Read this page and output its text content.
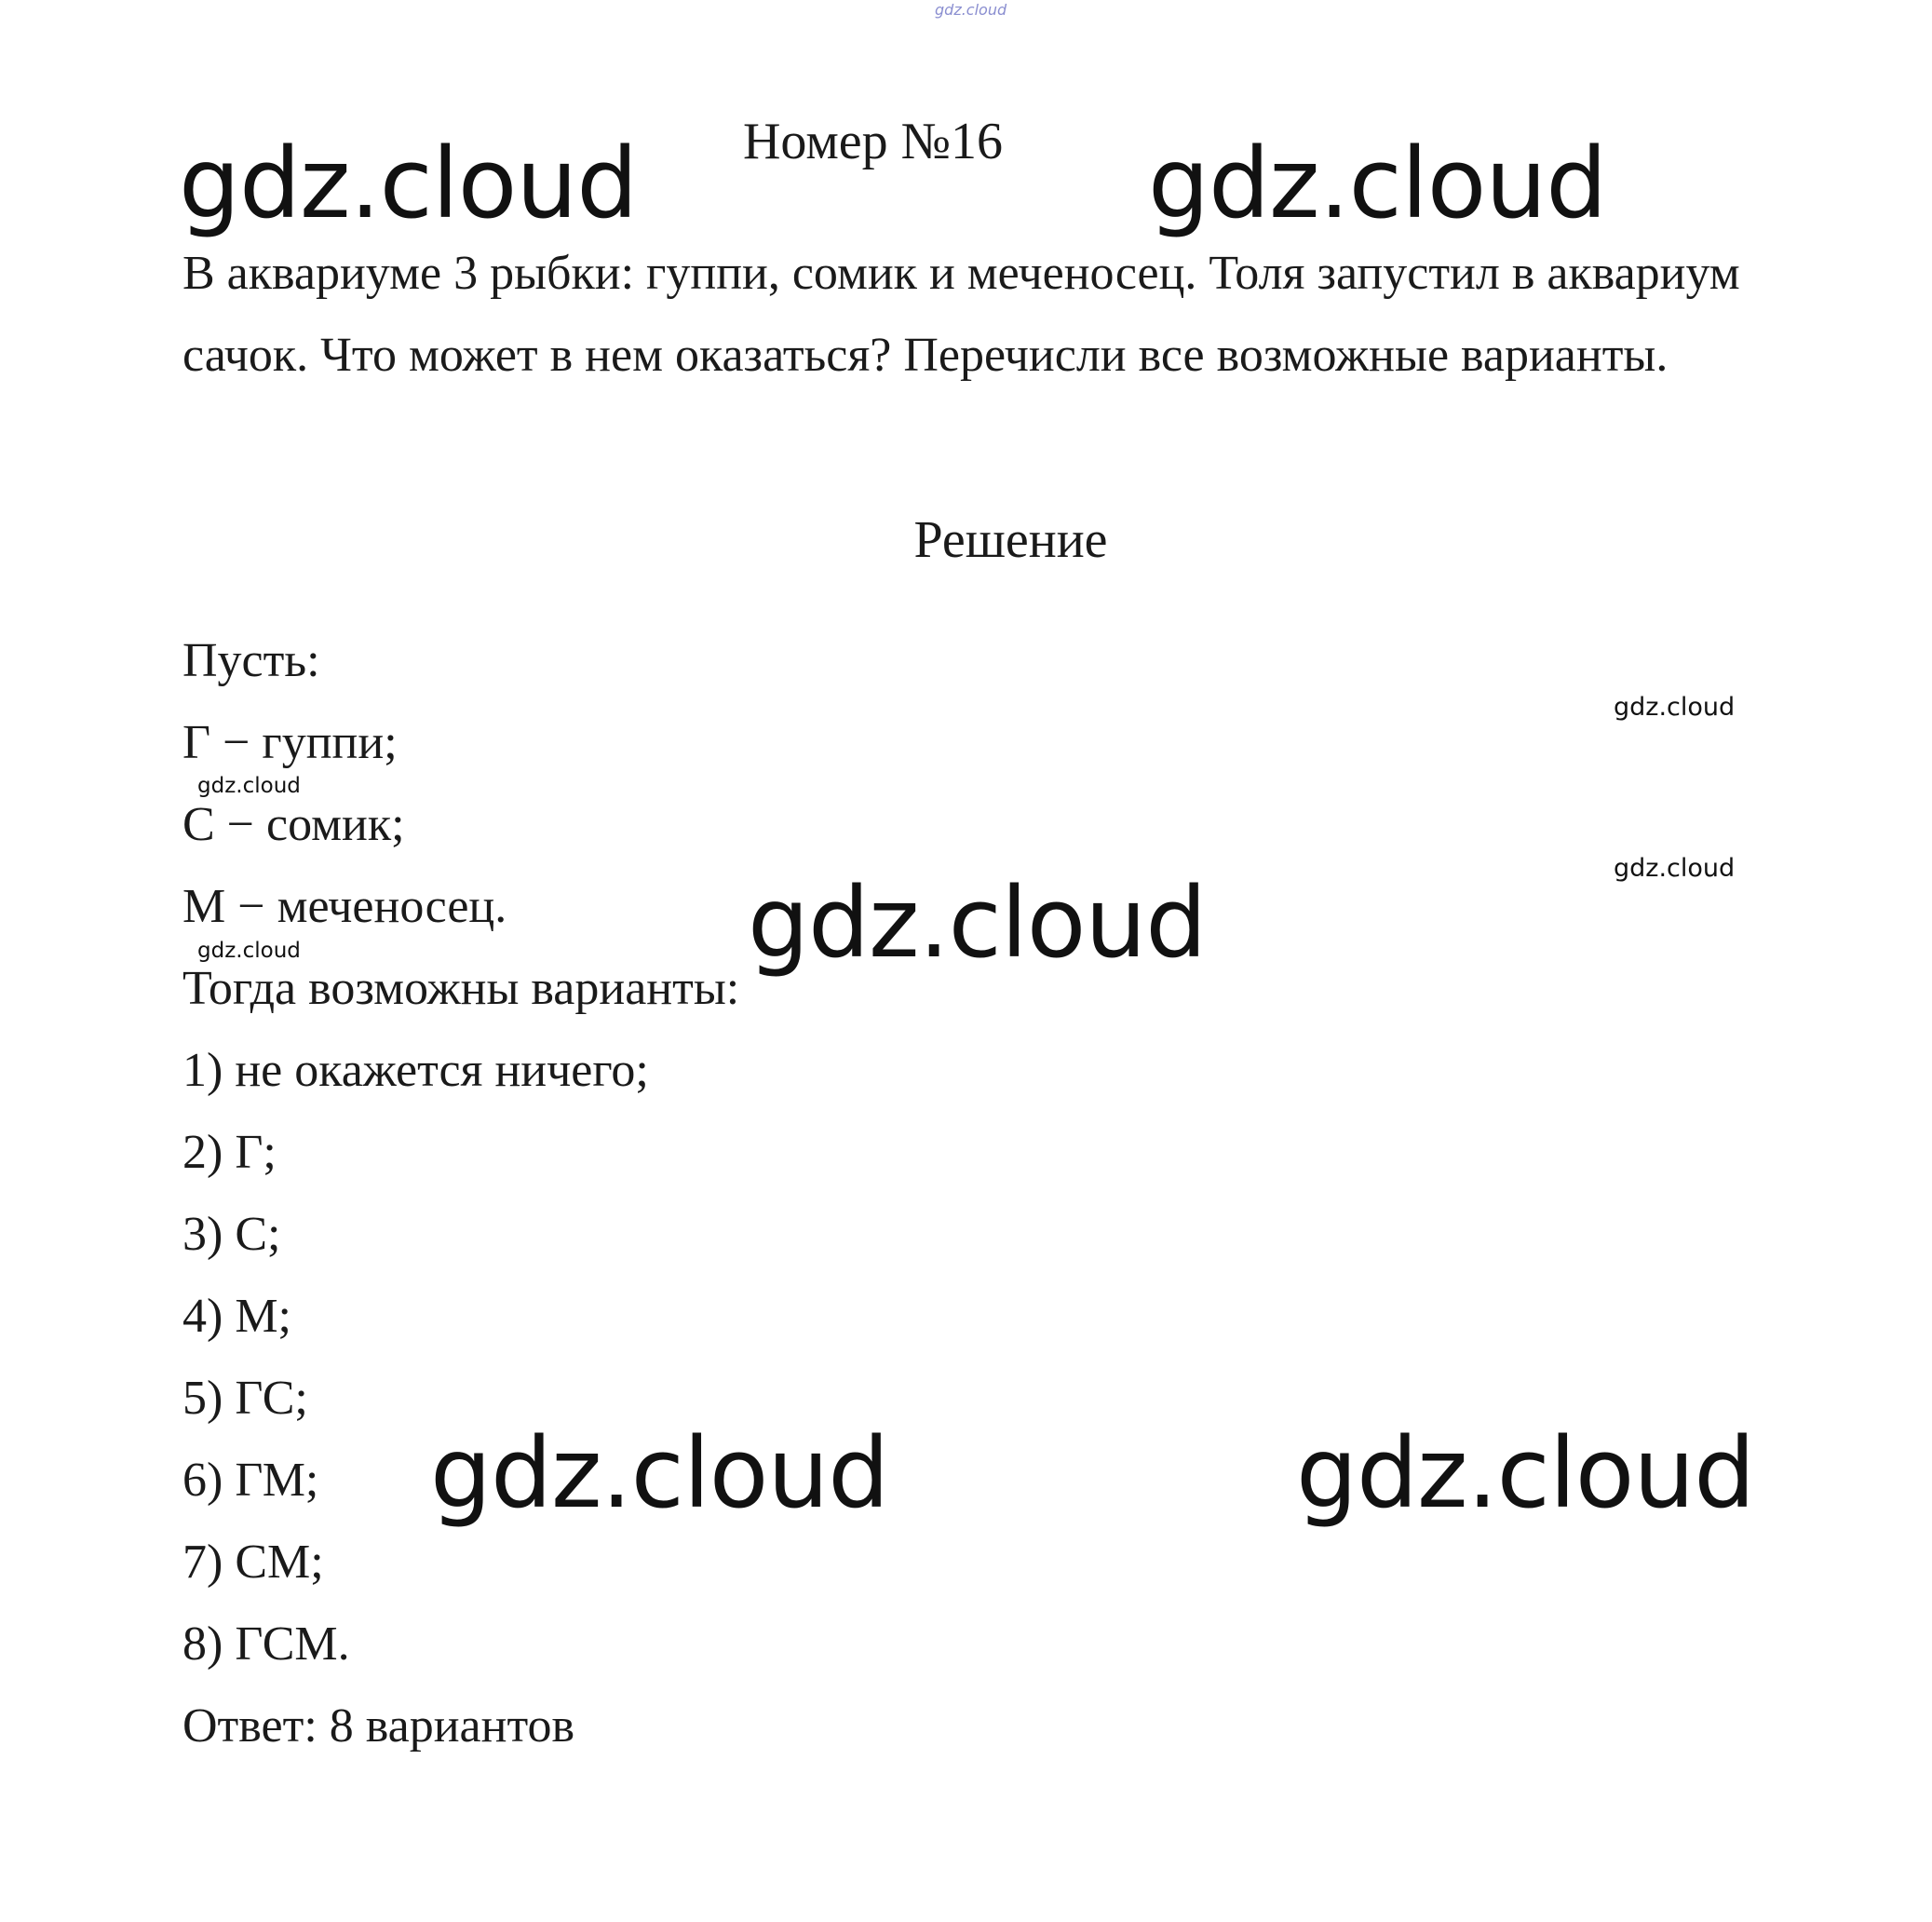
gdz.cloud
Номер №16
gdz.cloud	gdz.cloud
В аквариуме 3 рыбки: гуппи, сомик и меченосец. Толя запустил в аквариум сачок. Что может в нем оказаться? Перечисли все возможные варианты.
Решение
Пусть:
Г − гуппи;
С − сомик;
М − меченосец.
Тогда возможны варианты:
1) не окажется ничего;
2) Г;
3) С;
4) М;
5) ГС;
6) ГМ;
7) СМ;
8) ГСМ.
Ответ: 8 вариантов
gdz.cloud
gdz.cloud
gdz.cloud
gdz.cloud	gdz.cloud
gdz.cloud	gdz.cloud
